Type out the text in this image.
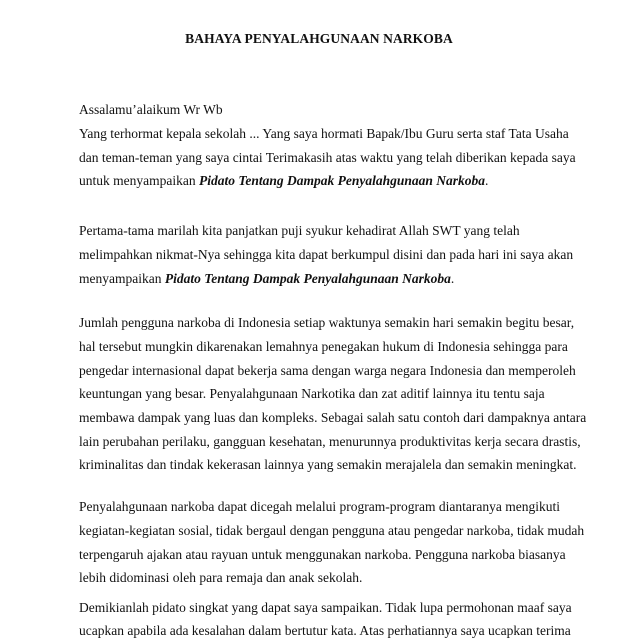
BAHAYA PENYALAHGUNAAN NARKOBA
Assalamu’alaikum Wr Wb
Yang terhormat kepala sekolah ... Yang saya hormati Bapak/Ibu Guru serta staf Tata Usaha
dan teman-teman yang saya cintai Terimakasih atas waktu yang telah diberikan kepada saya
untuk menyampaikan Pidato Tentang Dampak Penyalahgunaan Narkoba.
Pertama-tama marilah kita panjatkan puji syukur kehadirat Allah SWT yang telah
melimpahkan nikmat-Nya sehingga kita dapat berkumpul disini dan pada hari ini saya akan
menyampaikan Pidato Tentang Dampak Penyalahgunaan Narkoba.
Jumlah pengguna narkoba di Indonesia setiap waktunya semakin hari semakin begitu besar,
hal tersebut mungkin dikarenakan lemahnya penegakan hukum di Indonesia sehingga para
pengedar internasional dapat bekerja sama dengan warga negara Indonesia dan memperoleh
keuntungan yang besar. Penyalahgunaan Narkotika dan zat aditif lainnya itu tentu saja
membawa dampak yang luas dan kompleks. Sebagai salah satu contoh dari dampaknya antara
lain perubahan perilaku, gangguan kesehatan, menurunnya produktivitas kerja secara drastis,
kriminalitas dan tindak kekerasan lainnya yang semakin merajalela dan semakin meningkat.
Penyalahgunaan narkoba dapat dicegah melalui program-program diantaranya mengikuti
kegiatan-kegiatan sosial, tidak bergaul dengan pengguna atau pengedar narkoba, tidak mudah
terpengaruh ajakan atau rayuan untuk menggunakan narkoba. Pengguna narkoba biasanya
lebih didominasi oleh para remaja dan anak sekolah.
Demikianlah pidato singkat yang dapat saya sampaikan. Tidak lupa permohonan maaf saya
ucapkan apabila ada kesalahan dalam bertutur kata. Atas perhatiannya saya ucapkan terima
